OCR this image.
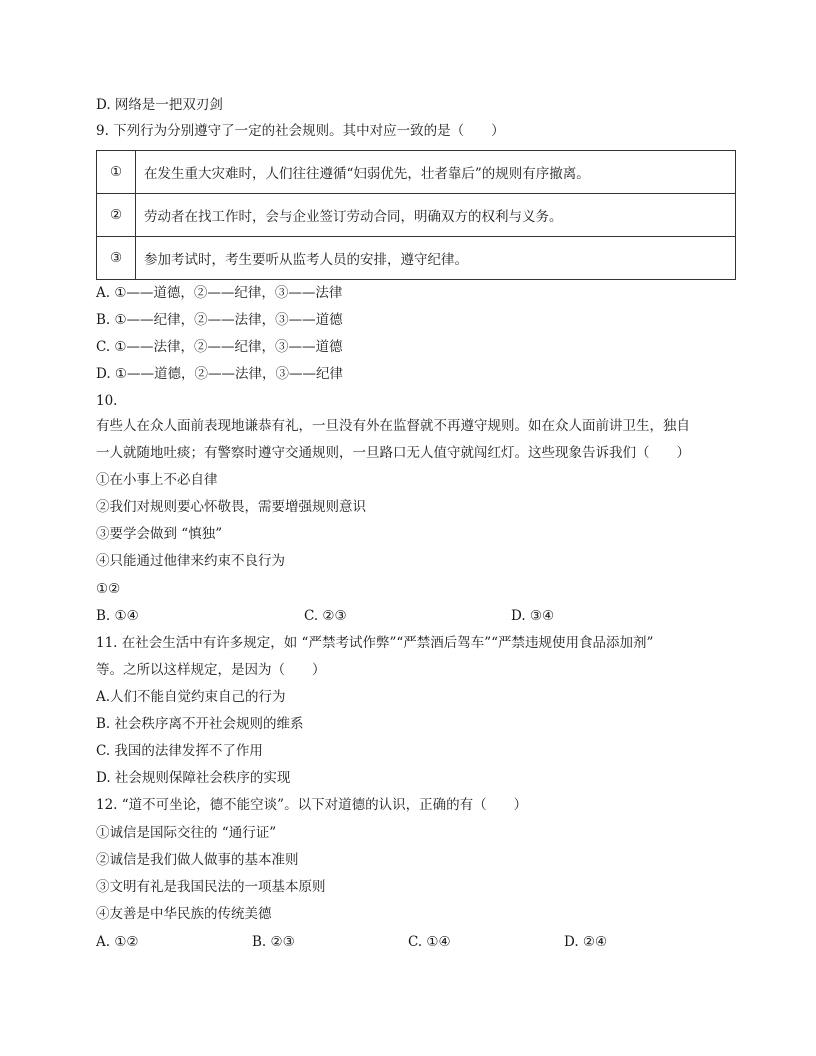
D. 网络是一把双刃剑
9. 下列行为分别遵守了一定的社会规则。其中对应一致的是（　　）
①	在发生重大灾难时，人们往往遵循“妇弱优先，壮者靠后”的规则有序撤离。
②	劳动者在找工作时，会与企业签订劳动合同，明确双方的权利与义务。
③	参加考试时，考生要听从监考人员的安排，遵守纪律。
A. ①——道德，②——纪律，③——法律
B. ①——纪律，②——法律，③——道德
C. ①——法律，②——纪律，③——道德
D. ①——道德，②——法律，③——纪律
10.
有些人在众人面前表现地谦恭有礼，一旦没有外在监督就不再遵守规则。如在众人面前讲卫生，独自
一人就随地吐痰；有警察时遵守交通规则，一旦路口无人值守就闯红灯。这些现象告诉我们（　　）
①在小事上不必自律
②我们对规则要心怀敬畏，需要增强规则意识
③要学会做到 “慎独”
④只能通过他律来约束不良行为
①②
B. ①④	C. ②③	D. ③④
11. 在社会生活中有许多规定，如 “严禁考试作弊”“严禁酒后驾车”“严禁违规使用食品添加剂”
等。之所以这样规定，是因为（　　）
A.人们不能自觉约束自己的行为
B. 社会秩序离不开社会规则的维系
C. 我国的法律发挥不了作用
D. 社会规则保障社会秩序的实现
12. “道不可坐论，德不能空谈”。以下对道德的认识，正确的有（　　）
①诚信是国际交往的 “通行证”
②诚信是我们做人做事的基本准则
③文明有礼是我国民法的一项基本原则
④友善是中华民族的传统美德
A. ①②	B. ②③	C. ①④	D. ②④
